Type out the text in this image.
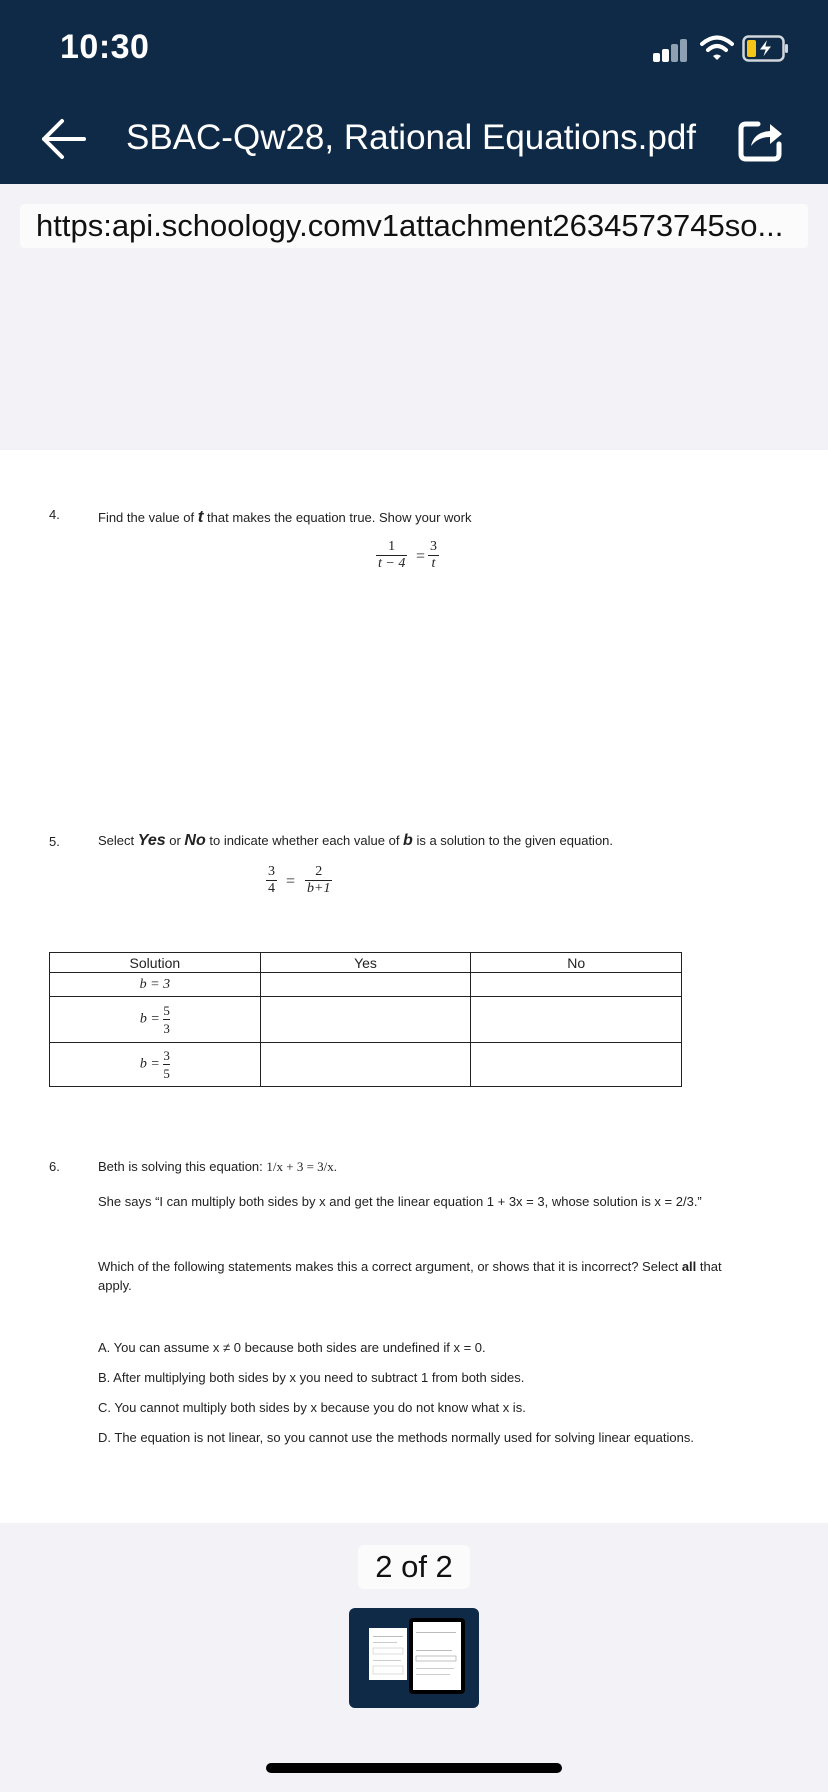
10:30
SBAC-Qw28, Rational Equations.pdf
https:api.schoology.comv1attachment2634573745so...
4.	Find the value of t that makes the equation true. Show your work
$\frac{1}{t - 4} = \frac{3}{t}$
5.	Select Yes or No to indicate whether each value of b is a solution to the given equation.
$\frac{3}{4} = \frac{2}{b+1}$
Solution	Yes	No
b = 3		
$b = \frac{5}{3}$

$b = \frac{3}{5}$

6.	Beth is solving this equation: 1/x + 3 = 3/x.
She says “I can multiply both sides by x and get the linear equation 1 + 3x = 3, whose solution is x = 2/3.”
Which of the following statements makes this a correct argument, or shows that it is incorrect? Select all that
apply.
A. You can assume x ≠ 0 because both sides are undefined if x = 0.
B. After multiplying both sides by x you need to subtract 1 from both sides.
C. You cannot multiply both sides by x because you do not know what x is.
D. The equation is not linear, so you cannot use the methods normally used for solving linear equations.
2 of 2
